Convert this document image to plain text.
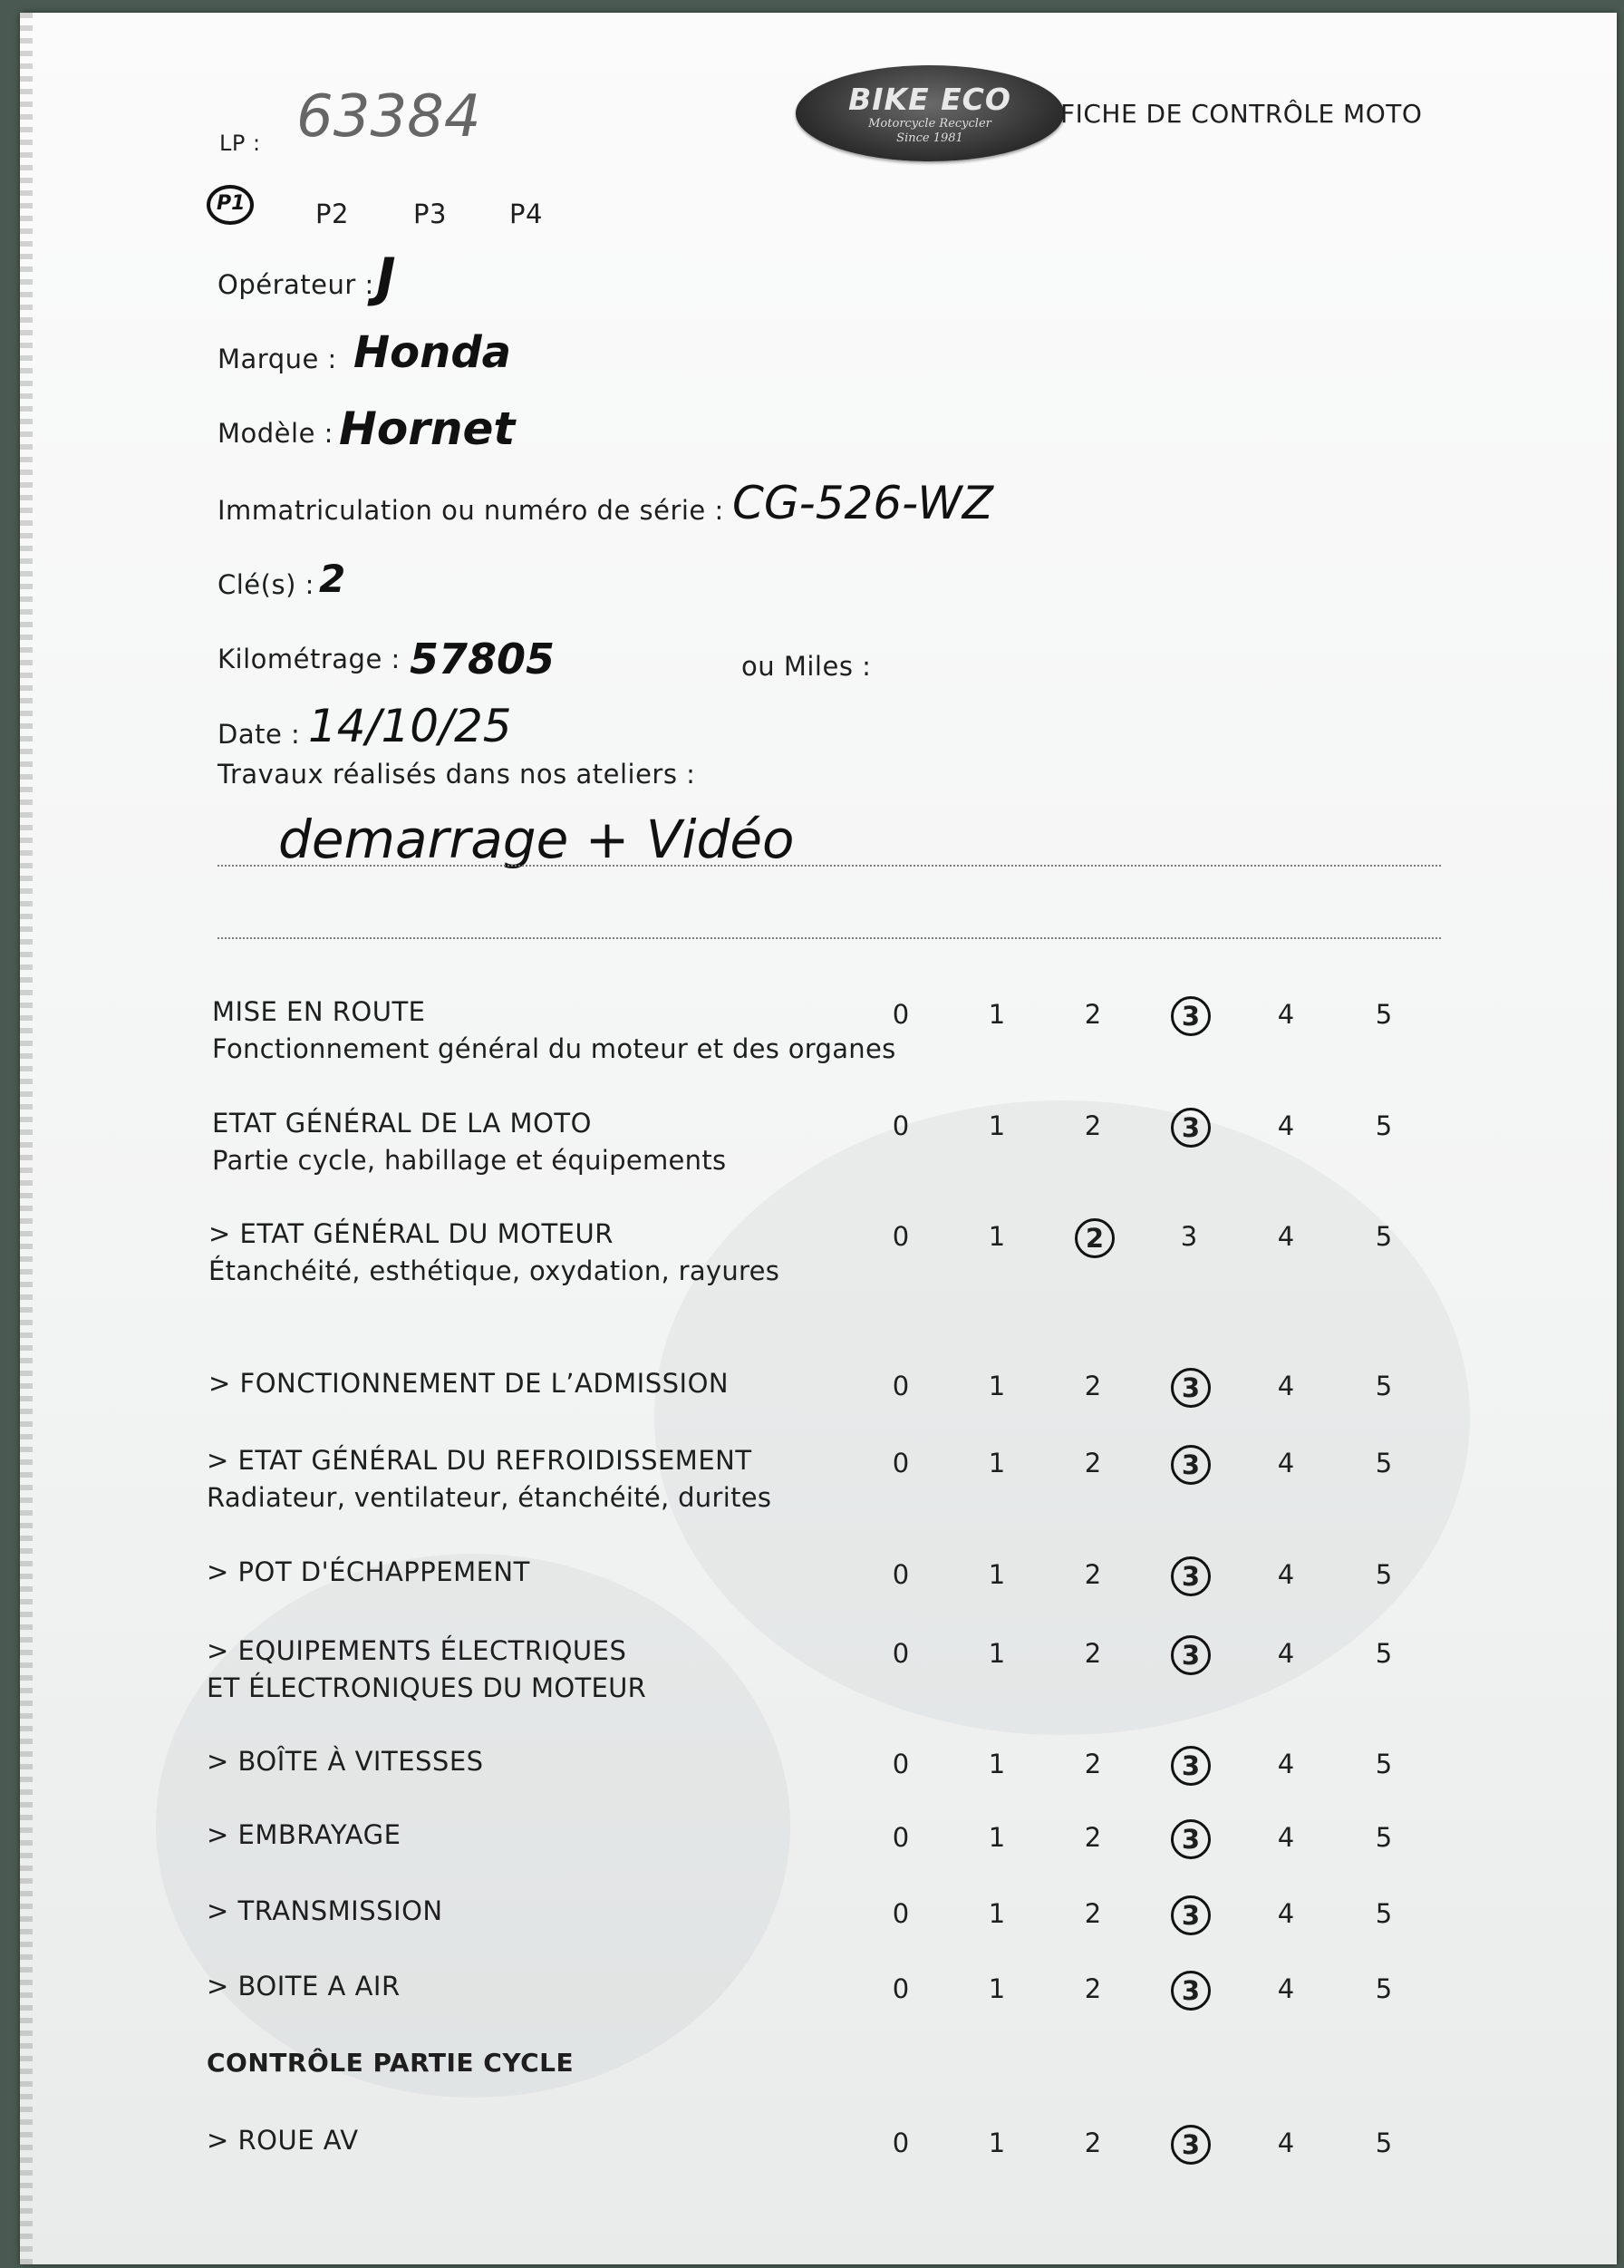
LP : 63384	BIKE ECO
Motorcycle Recycler
Since 1981
FICHE DE CONTRÔLE MOTO
P1	P2 P3 P4
Opérateur : J
Marque : Honda
Modèle : Hornet
Immatriculation ou numéro de série : CG-526-WZ
Clé(s) : 2
Kilométrage : 57805	ou Miles :
Date : 14/10/25
Travaux réalisés dans nos ateliers :
demarrage + Vidéo
MISE EN ROUTE
Fonctionnement général du moteur et des organes
0	1	2	3	4	5
ETAT GÉNÉRAL DE LA MOTO
Partie cycle, habillage et équipements
0	1	2	3	4	5
> ETAT GÉNÉRAL DU MOTEUR
Étanchéité, esthétique, oxydation, rayures
0	1	2	3	4	5
> FONCTIONNEMENT DE L’ADMISSION	0	1	2	3	4	5
> ETAT GÉNÉRAL DU REFROIDISSEMENT
Radiateur, ventilateur, étanchéité, durites
0	1	2	3	4	5
> POT D'ÉCHAPPEMENT	0	1	2	3	4	5
> EQUIPEMENTS ÉLECTRIQUES
ET ÉLECTRONIQUES DU MOTEUR
0	1	2	3	4	5
> BOÎTE À VITESSES	0	1	2	3	4	5
> EMBRAYAGE	0	1	2	3	4	5
> TRANSMISSION	0	1	2	3	4	5
> BOITE A AIR	0	1	2	3	4	5
CONTRÔLE PARTIE CYCLE
> ROUE AV	0	1	2	3	4	5
